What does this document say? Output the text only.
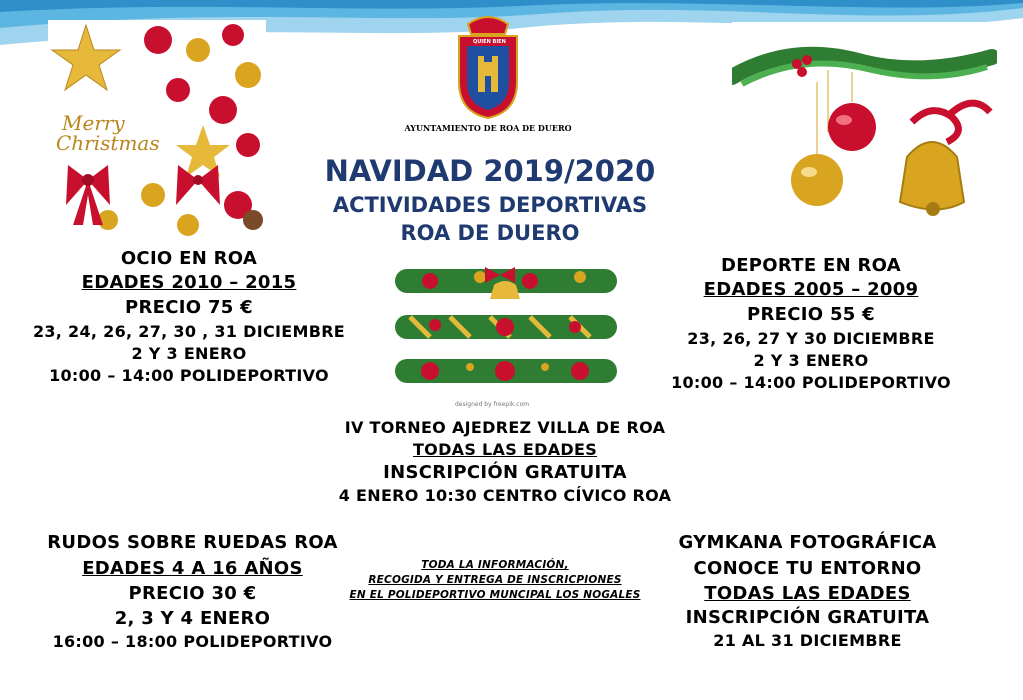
Merry
Christmas
QUIEN BIEN
AYUNTAMIENTO DE ROA DE DUERO
NAVIDAD 2019/2020
ACTIVIDADES DEPORTIVAS
ROA DE DUERO
designed by freepik.com
OCIO EN ROA
EDADES 2010 – 2015
PRECIO 75 €
23, 24, 26, 27, 30 , 31 DICIEMBRE
2 Y 3 ENERO
10:00 – 14:00 POLIDEPORTIVO
DEPORTE EN ROA
EDADES 2005 – 2009
PRECIO 55 €
23, 26, 27 Y 30 DICIEMBRE
2 Y 3 ENERO
10:00 – 14:00 POLIDEPORTIVO
IV TORNEO AJEDREZ VILLA DE ROA
TODAS LAS EDADES
INSCRIPCIÓN GRATUITA
4 ENERO 10:30 CENTRO CÍVICO ROA
RUDOS SOBRE RUEDAS ROA
EDADES 4 A 16 AÑOS
PRECIO 30 €
2, 3 Y 4 ENERO
16:00 – 18:00 POLIDEPORTIVO
TODA LA INFORMACIÓN,
RECOGIDA Y ENTREGA DE INSCRICPIONES
EN EL POLIDEPORTIVO MUNCIPAL LOS NOGALES
GYMKANA FOTOGRÁFICA
CONOCE TU ENTORNO
TODAS LAS EDADES
INSCRIPCIÓN GRATUITA
21 AL 31 DICIEMBRE
